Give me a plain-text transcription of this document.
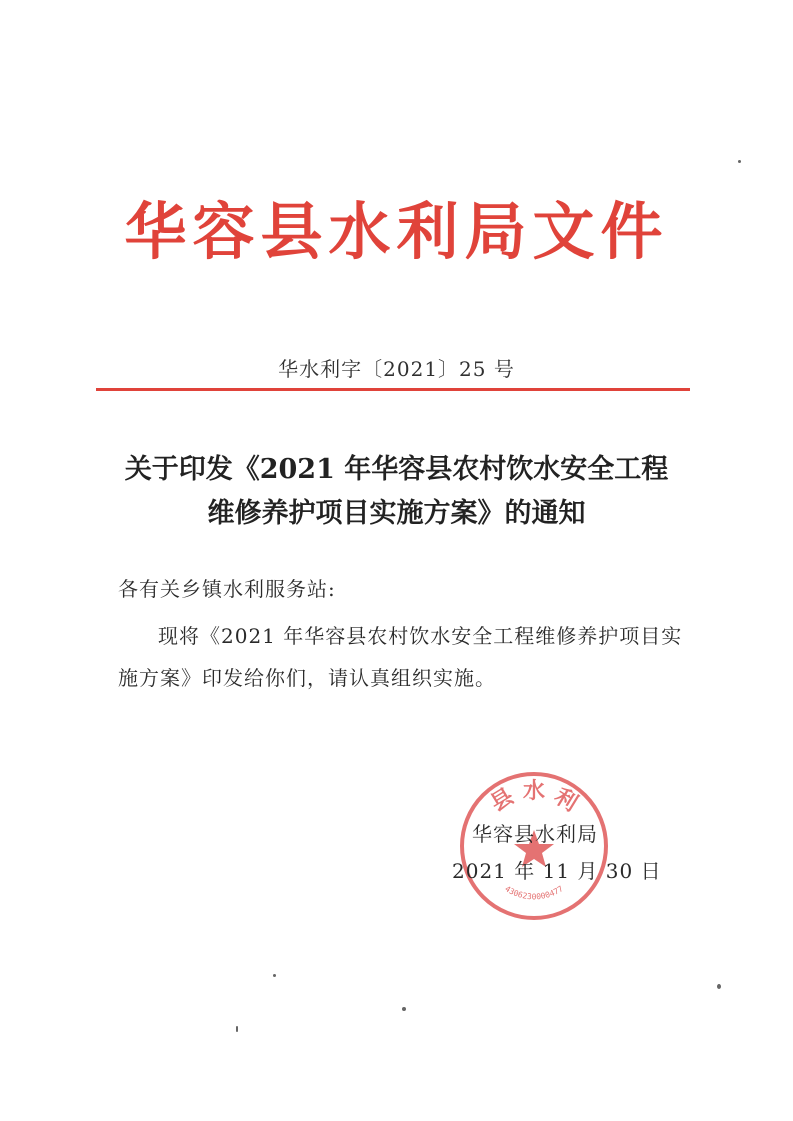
华容县水利局文件
华水利字〔2021〕25 号
关于印发《2021 年华容县农村饮水安全工程
维修养护项目实施方案》的通知
各有关乡镇水利服务站:
现将《2021 年华容县农村饮水安全工程维修养护项目实
施方案》印发给你们，请认真组织实施。
县 水 利
4306230000477
华容县水利局
2021 年 11 月 30 日
